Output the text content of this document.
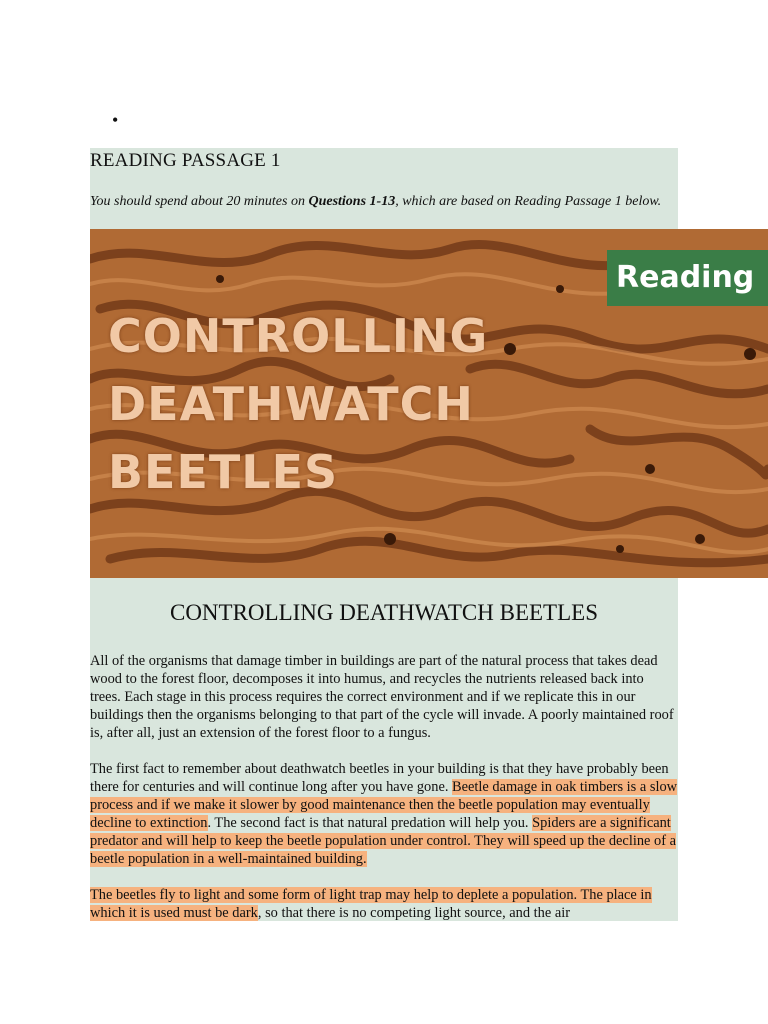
•
READING PASSAGE 1
You should spend about 20 minutes on Questions 1-13, which are based on Reading Passage 1 below.
Reading
CONTROLLING
DEATHWATCH
BEETLES
CONTROLLING DEATHWATCH BEETLES
All of the organisms that damage timber in buildings are part of the natural process that takes dead wood to the forest floor, decomposes it into humus, and recycles the nutrients released back into trees. Each stage in this process requires the correct environment and if we replicate this in our buildings then the organisms belonging to that part of the cycle will invade. A poorly maintained roof is, after all, just an extension of the forest floor to a fungus.
The first fact to remember about deathwatch beetles in your building is that they have probably been there for centuries and will continue long after you have gone. Beetle damage in oak timbers is a slow process and if we make it slower by good maintenance then the beetle population may eventually decline to extinction. The second fact is that natural predation will help you. Spiders are a significant predator and will help to keep the beetle population under control. They will speed up the decline of a beetle population in a well-maintained building.
The beetles fly to light and some form of light trap may help to deplete a population. The place in which it is used must be dark, so that there is no competing light source, and the air
